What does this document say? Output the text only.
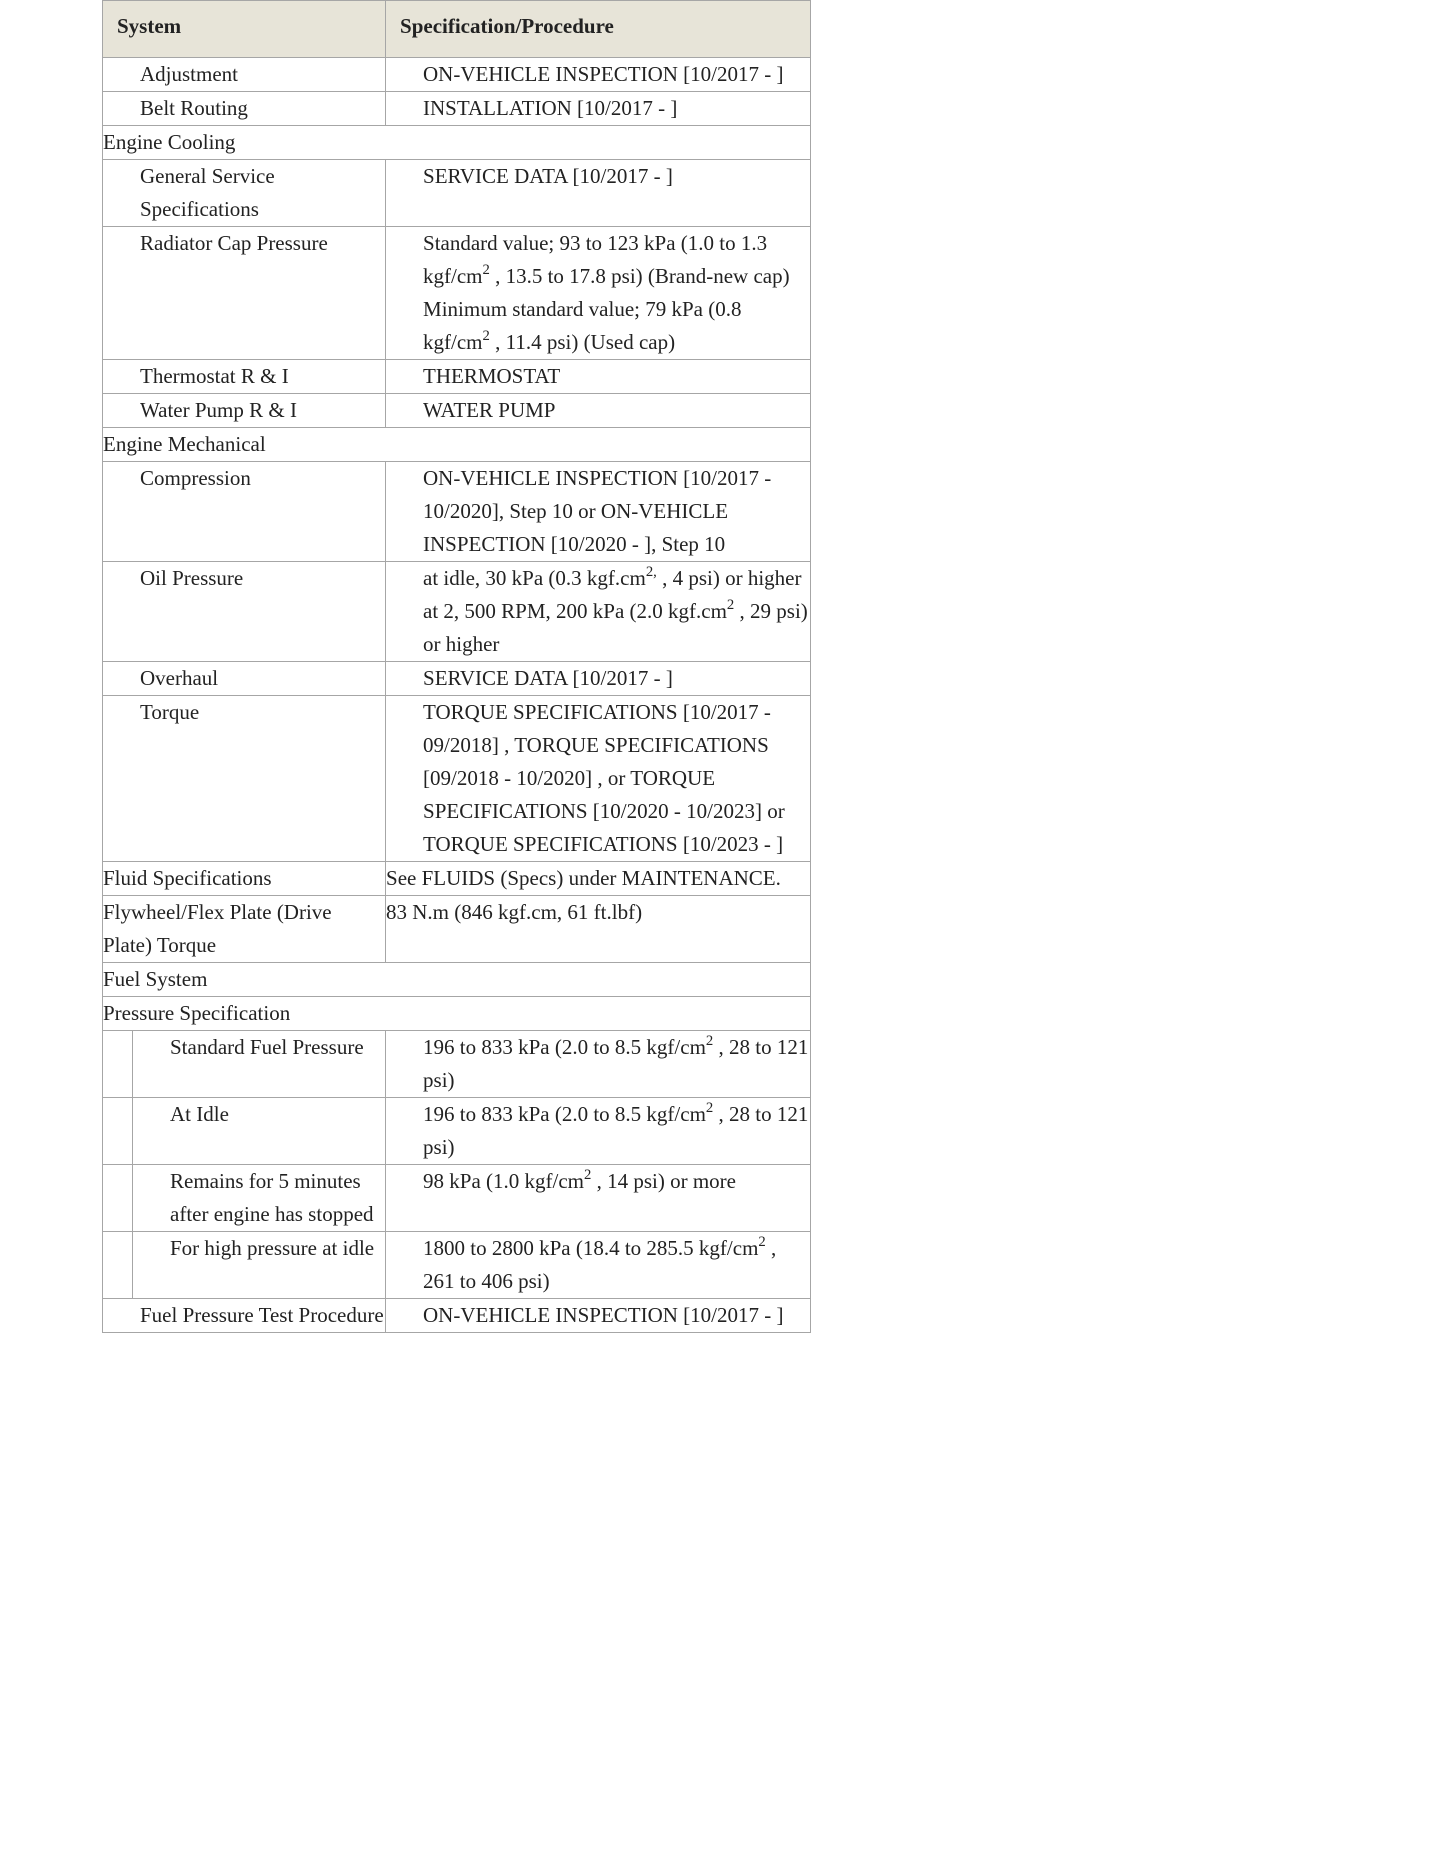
System		Specification/Procedure
Adjustment		ON-VEHICLE INSPECTION [10/2017 - ]
Belt Routing		INSTALLATION [10/2017 - ]
Engine Cooling		
General Service Specifications		SERVICE DATA [10/2017 - ]
Radiator Cap Pressure		Standard value; 93 to 123 kPa (1.0 to 1.3 kgf/$cm^2$ , 13.5 to 17.8 psi) (Brand-new cap)
Minimum standard value; 79 kPa (0.8 kgf/$cm^2$ , 11.4 psi) (Used cap)

Thermostat R & I		THERMOSTAT
Water Pump R & I		WATER PUMP
Engine Mechanical		
Compression		ON-VEHICLE INSPECTION [10/2017 - 10/2020], Step 10 or ON-VEHICLE INSPECTION [10/2020 - ], Step 10
Oil Pressure		at idle, 30 kPa (0.3 $kgf.cm^{2,}$ , 4 psi) or higher
at 2, 500 RPM, 200 kPa (2.0 $kgf.cm^2$ , 29 psi) or higher

Overhaul		SERVICE DATA [10/2017 - ]
Torque		TORQUE SPECIFICATIONS [10/2017 - 09/2018] , TORQUE SPECIFICATIONS [09/2018 - 10/2020] , or TORQUE SPECIFICATIONS [10/2020 - 10/2023] or TORQUE SPECIFICATIONS [10/2023 - ]
Fluid Specifications		See FLUIDS (Specs) under MAINTENANCE.
Flywheel/Flex Plate (Drive Plate) Torque		83 N.m (846 kgf.cm, 61 ft.lbf)
Fuel System		
Pressure Specification		
	Standard Fuel Pressure	196 to 833 kPa (2.0 to 8.5 kgf/$cm^2$ , 28 to 121 psi)
	At Idle	196 to 833 kPa (2.0 to 8.5 kgf/$cm^2$ , 28 to 121 psi)
	Remains for 5 minutes after engine has stopped	98 kPa (1.0 kgf/$cm^2$ , 14 psi) or more
	For high pressure at idle	1800 to 2800 kPa (18.4 to 285.5 kgf/$cm^2$ , 261 to 406 psi)
Fuel Pressure Test Procedure		ON-VEHICLE INSPECTION [10/2017 - ]
